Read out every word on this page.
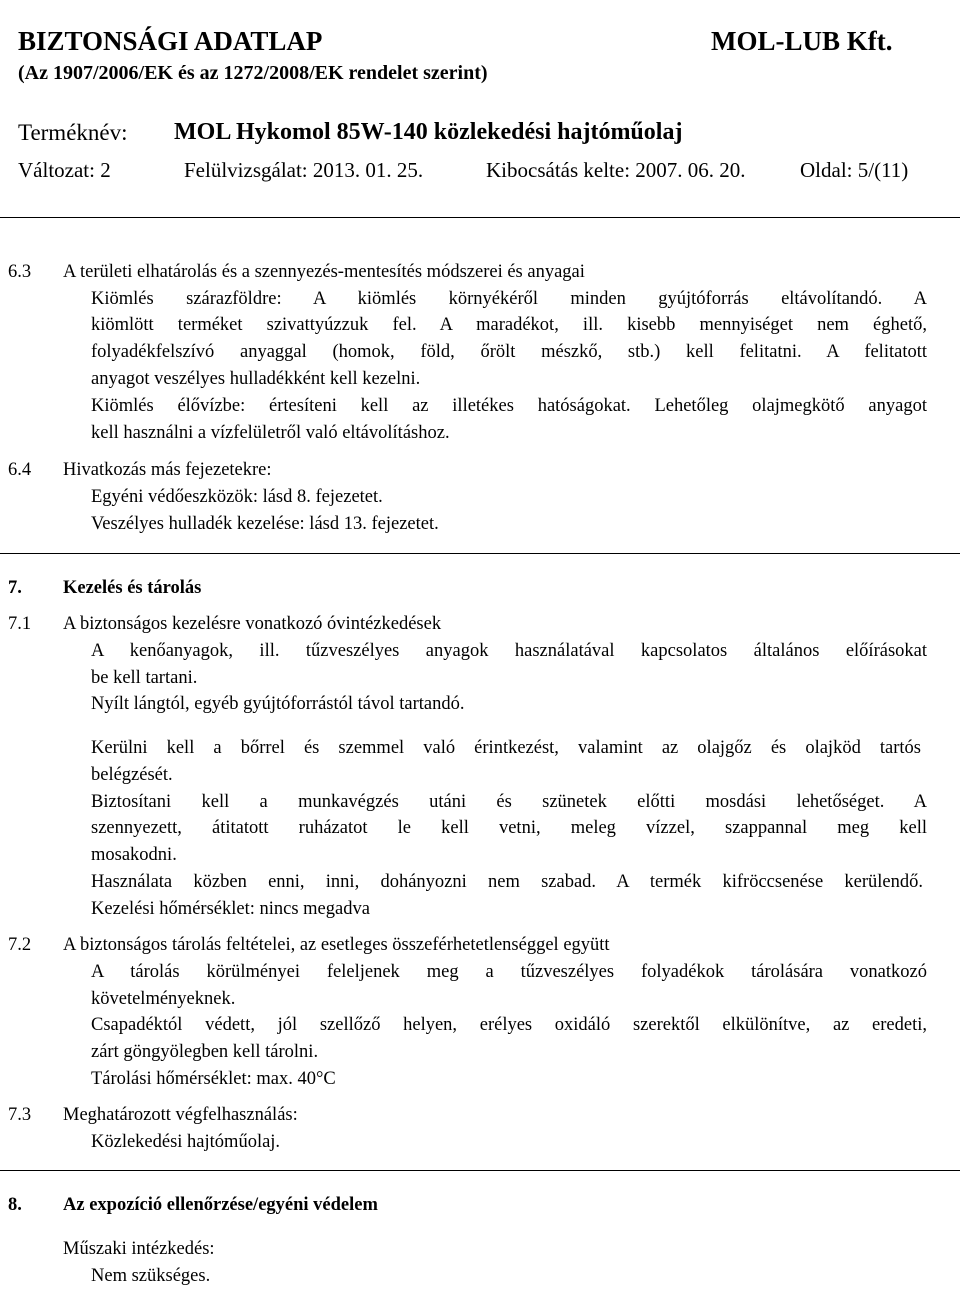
BIZTONSÁGI ADATLAP	MOL-LUB Kft.
(Az 1907/2006/EK és az 1272/2008/EK rendelet szerint)
Terméknév: MOL Hykomol 85W-140 közlekedési hajtóműolaj
Változat: 2	Felülvizsgálat: 2013. 01. 25.	Kibocsátás kelte: 2007. 06. 20.	Oldal: 5/(11)
6.3 A területi elhatárolás és a szennyezés-mentesítés módszerei és anyagai
Kiömlés szárazföldre: A kiömlés környékéről minden gyújtóforrás eltávolítandó. A
kiömlött terméket szivattyúzzuk fel. A maradékot, ill. kisebb mennyiséget nem éghető,
folyadékfelszívó anyaggal (homok, föld, őrölt mészkő, stb.) kell felitatni. A felitatott
anyagot veszélyes hulladékként kell kezelni.
Kiömlés élővízbe: értesíteni kell az illetékes hatóságokat. Lehetőleg olajmegkötő anyagot
kell használni a vízfelületről való eltávolításhoz.
6.4 Hivatkozás más fejezetekre:
Egyéni védőeszközök: lásd 8. fejezetet.
Veszélyes hulladék kezelése: lásd 13. fejezetet.
7. Kezelés és tárolás
7.1 A biztonságos kezelésre vonatkozó óvintézkedések
A kenőanyagok, ill. tűzveszélyes anyagok használatával kapcsolatos általános előírásokat
be kell tartani.
Nyílt lángtól, egyéb gyújtóforrástól távol tartandó.
Kerülni kell a bőrrel és szemmel való érintkezést, valamint az olajgőz és olajköd tartós
belégzését.
Biztosítani kell a munkavégzés utáni és szünetek előtti mosdási lehetőséget. A
szennyezett, átitatott ruházatot le kell vetni, meleg vízzel, szappannal meg kell
mosakodni.
Használata közben enni, inni, dohányozni nem szabad. A termék kifröccsenése kerülendő.
Kezelési hőmérséklet: nincs megadva
7.2 A biztonságos tárolás feltételei, az esetleges összeférhetetlenséggel együtt
A tárolás körülményei feleljenek meg a tűzveszélyes folyadékok tárolására vonatkozó
követelményeknek.
Csapadéktól védett, jól szellőző helyen, erélyes oxidáló szerektől elkülönítve, az eredeti,
zárt göngyölegben kell tárolni.
Tárolási hőmérséklet: max. 40°C
7.3 Meghatározott végfelhasználás:
Közlekedési hajtóműolaj.
8. Az expozíció ellenőrzése/egyéni védelem
Műszaki intézkedés:
Nem szükséges.
